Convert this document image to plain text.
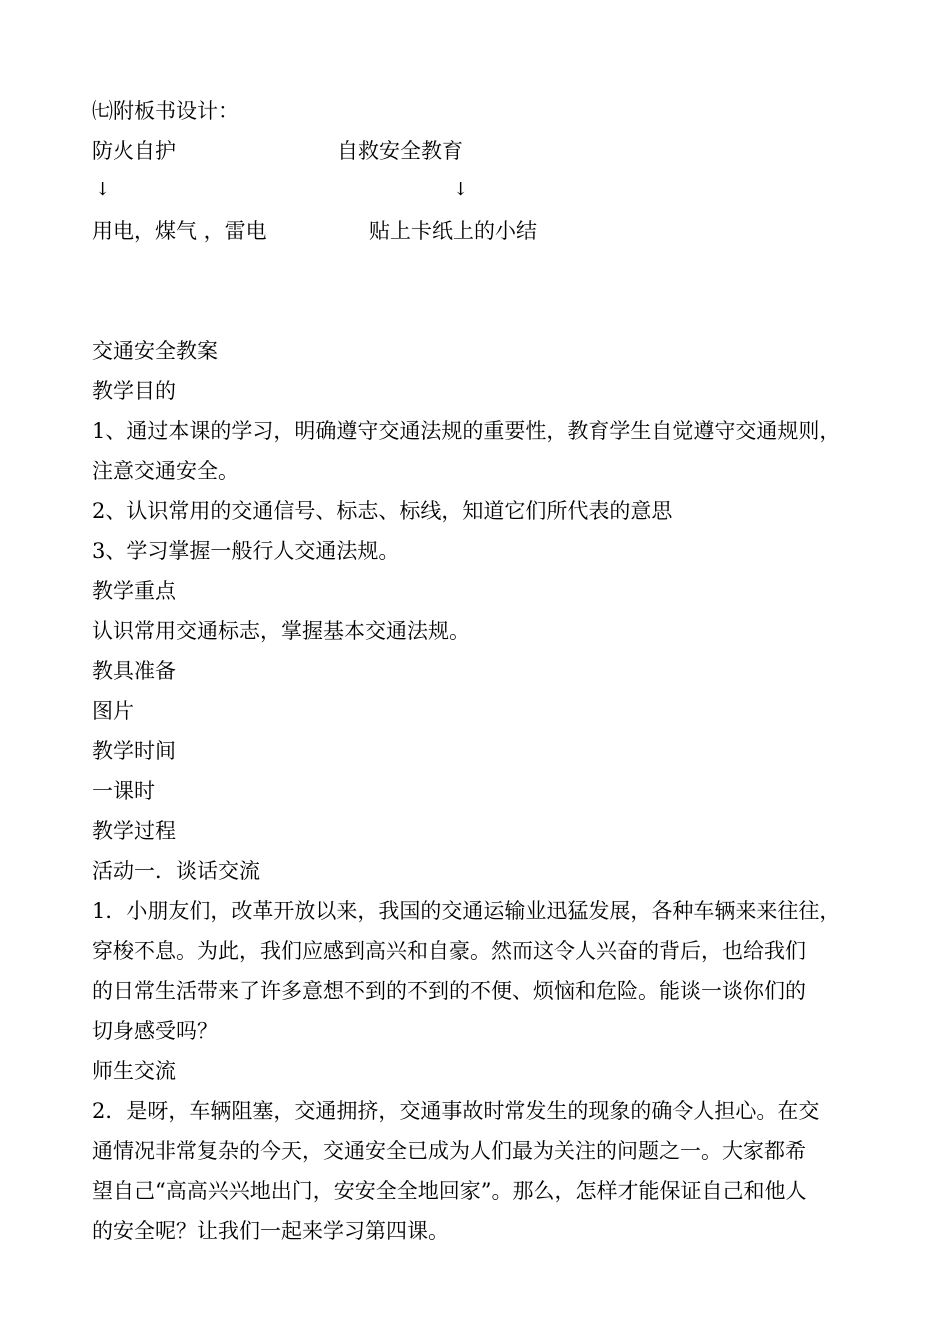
㈦附板书设计：
防火自护	自救安全教育
↓	↓
用电，煤气 ，雷电	贴上卡纸上的小结
交通安全教案
教学目的
1、通过本课的学习，明确遵守交通法规的重要性，教育学生自觉遵守交通规则，
注意交通安全。
2、认识常用的交通信号、标志、标线，知道它们所代表的意思
3、学习掌握一般行人交通法规。
教学重点
认识常用交通标志，掌握基本交通法规。
教具准备
图片
教学时间
一课时
教学过程
活动一．谈话交流
1．小朋友们，改革开放以来，我国的交通运输业迅猛发展，各种车辆来来往往，
穿梭不息。为此，我们应感到高兴和自豪。然而这令人兴奋的背后，也给我们
的日常生活带来了许多意想不到的不到的不便、烦恼和危险。能谈一谈你们的
切身感受吗？
师生交流
2．是呀，车辆阻塞，交通拥挤，交通事故时常发生的现象的确令人担心。在交
通情况非常复杂的今天，交通安全已成为人们最为关注的问题之一。大家都希
望自己“高高兴兴地出门，安安全全地回家”。那么，怎样才能保证自己和他人
的安全呢？让我们一起来学习第四课。
